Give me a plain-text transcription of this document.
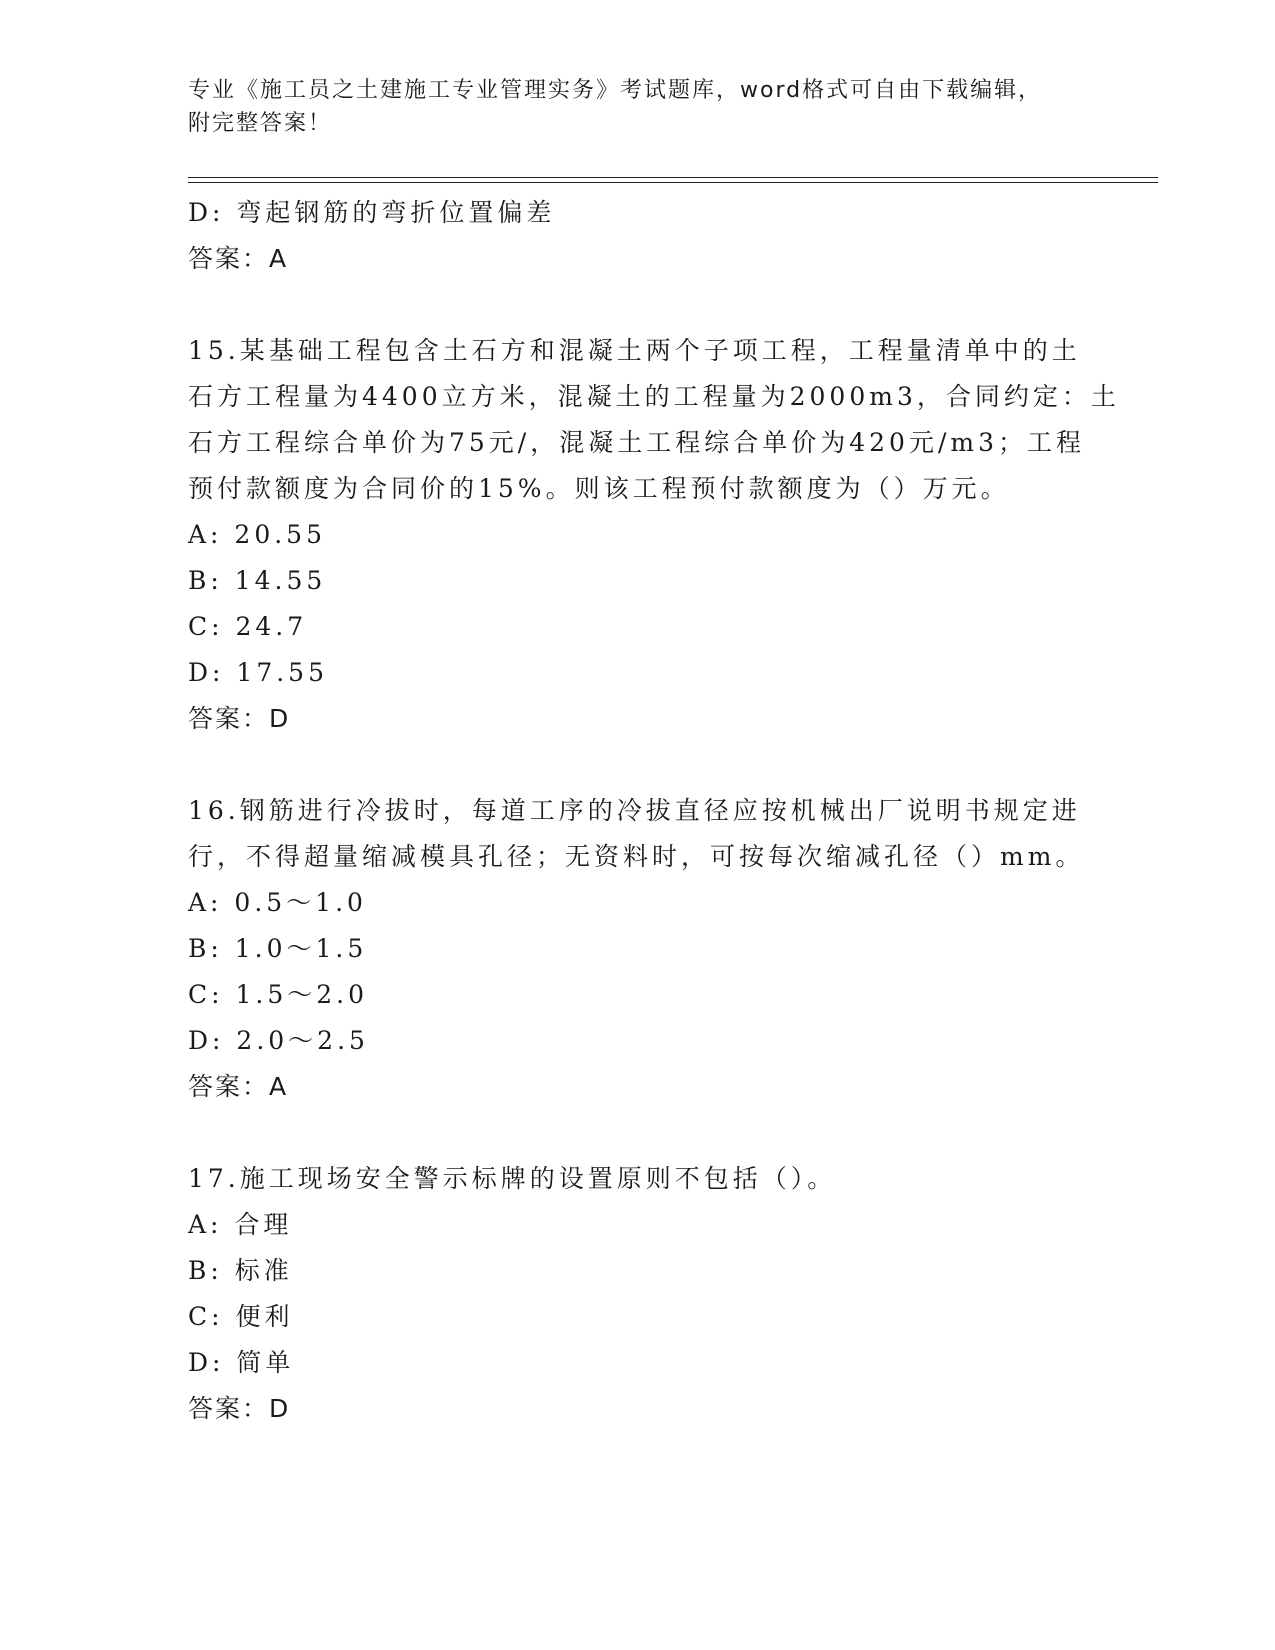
专业《施工员之土建施工专业管理实务》考试题库，word格式可自由下载编辑，
附完整答案！
D: 弯起钢筋的弯折位置偏差
答案：A
15.某基础工程包含土石方和混凝土两个子项工程，工程量清单中的土
石方工程量为4400立方米，混凝土的工程量为2000m3，合同约定：土
石方工程综合单价为75元/，混凝土工程综合单价为420元/m3；工程
预付款额度为合同价的15%。则该工程预付款额度为（）万元。
A: 20.55
B: 14.55
C: 24.7
D: 17.55
答案：D
16.钢筋进行冷拔时，每道工序的冷拔直径应按机械出厂说明书规定进
行，不得超量缩减模具孔径；无资料时，可按每次缩减孔径（）mm。
A: 0.5～1.0
B: 1.0～1.5
C: 1.5～2.0
D: 2.0～2.5
答案：A
17.施工现场安全警示标牌的设置原则不包括（）。
A: 合理
B: 标准
C: 便利
D: 简单
答案：D
